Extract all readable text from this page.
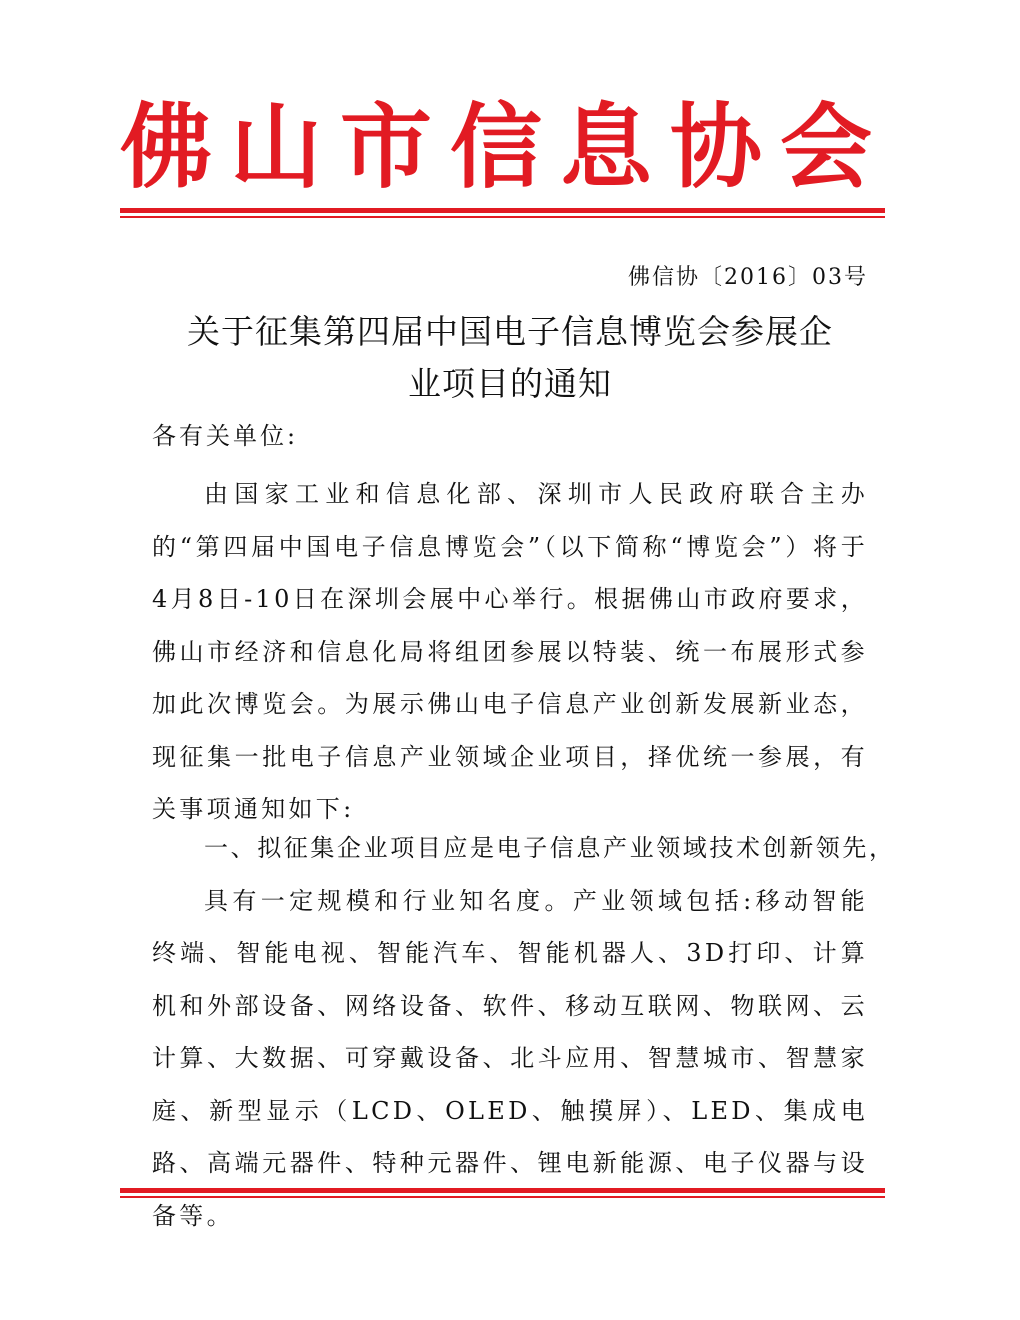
佛山市信息协会
佛信协〔2016〕03号
关于征集第四届中国电子信息博览会参展企
业项目的通知
各有关单位:
由国家工业和信息化部、深圳市人民政府联合主办的“第四届中国电子信息博览会”（以下简称“博览会”）将于4月8日-10日在深圳会展中心举行。根据佛山市政府要求，佛山市经济和信息化局将组团参展以特装、统一布展形式参加此次博览会。为展示佛山电子信息产业创新发展新业态，现征集一批电子信息产业领域企业项目，择优统一参展，有关事项通知如下:
一、拟征集企业项目应是电子信息产业领域技术创新领先，
具有一定规模和行业知名度。产业领域包括:移动智能终端、智能电视、智能汽车、智能机器人、3D打印、计算机和外部设备、网络设备、软件、移动互联网、物联网、云计算、大数据、可穿戴设备、北斗应用、智慧城市、智慧家庭、新型显示（LCD、OLED、触摸屏）、LED、集成电路、高端元器件、特种元器件、锂电新能源、电子仪器与设备等。
